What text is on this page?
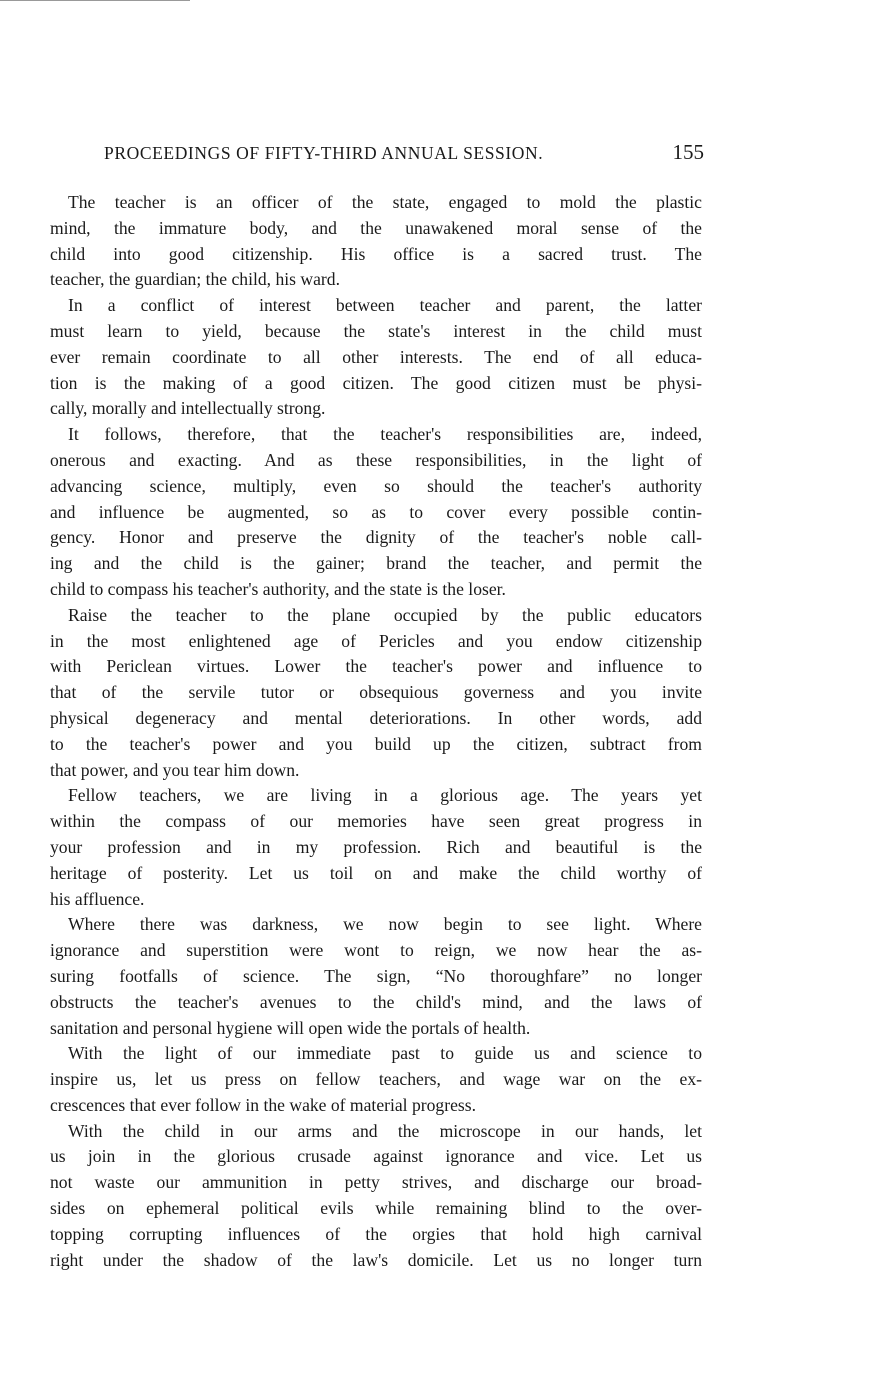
PROCEEDINGS OF FIFTY-THIRD ANNUAL SESSION.	155
The teacher is an officer of the state, engaged to mold the plastic
mind, the immature body, and the unawakened moral sense of the
child into good citizenship. His office is a sacred trust. The
teacher, the guardian; the child, his ward.
In a conflict of interest between teacher and parent, the latter
must learn to yield, because the state's interest in the child must
ever remain coordinate to all other interests. The end of all educa-
tion is the making of a good citizen. The good citizen must be physi-
cally, morally and intellectually strong.
It follows, therefore, that the teacher's responsibilities are, indeed,
onerous and exacting. And as these responsibilities, in the light of
advancing science, multiply, even so should the teacher's authority
and influence be augmented, so as to cover every possible contin-
gency. Honor and preserve the dignity of the teacher's noble call-
ing and the child is the gainer; brand the teacher, and permit the
child to compass his teacher's authority, and the state is the loser.
Raise the teacher to the plane occupied by the public educators
in the most enlightened age of Pericles and you endow citizenship
with Periclean virtues. Lower the teacher's power and influence to
that of the servile tutor or obsequious governess and you invite
physical degeneracy and mental deteriorations. In other words, add
to the teacher's power and you build up the citizen, subtract from
that power, and you tear him down.
Fellow teachers, we are living in a glorious age. The years yet
within the compass of our memories have seen great progress in
your profession and in my profession. Rich and beautiful is the
heritage of posterity. Let us toil on and make the child worthy of
his affluence.
Where there was darkness, we now begin to see light. Where
ignorance and superstition were wont to reign, we now hear the as-
suring footfalls of science. The sign, “No thoroughfare” no longer
obstructs the teacher's avenues to the child's mind, and the laws of
sanitation and personal hygiene will open wide the portals of health.
With the light of our immediate past to guide us and science to
inspire us, let us press on fellow teachers, and wage war on the ex-
crescences that ever follow in the wake of material progress.
With the child in our arms and the microscope in our hands, let
us join in the glorious crusade against ignorance and vice. Let us
not waste our ammunition in petty strives, and discharge our broad-
sides on ephemeral political evils while remaining blind to the over-
topping corrupting influences of the orgies that hold high carnival
right under the shadow of the law's domicile. Let us no longer turn
